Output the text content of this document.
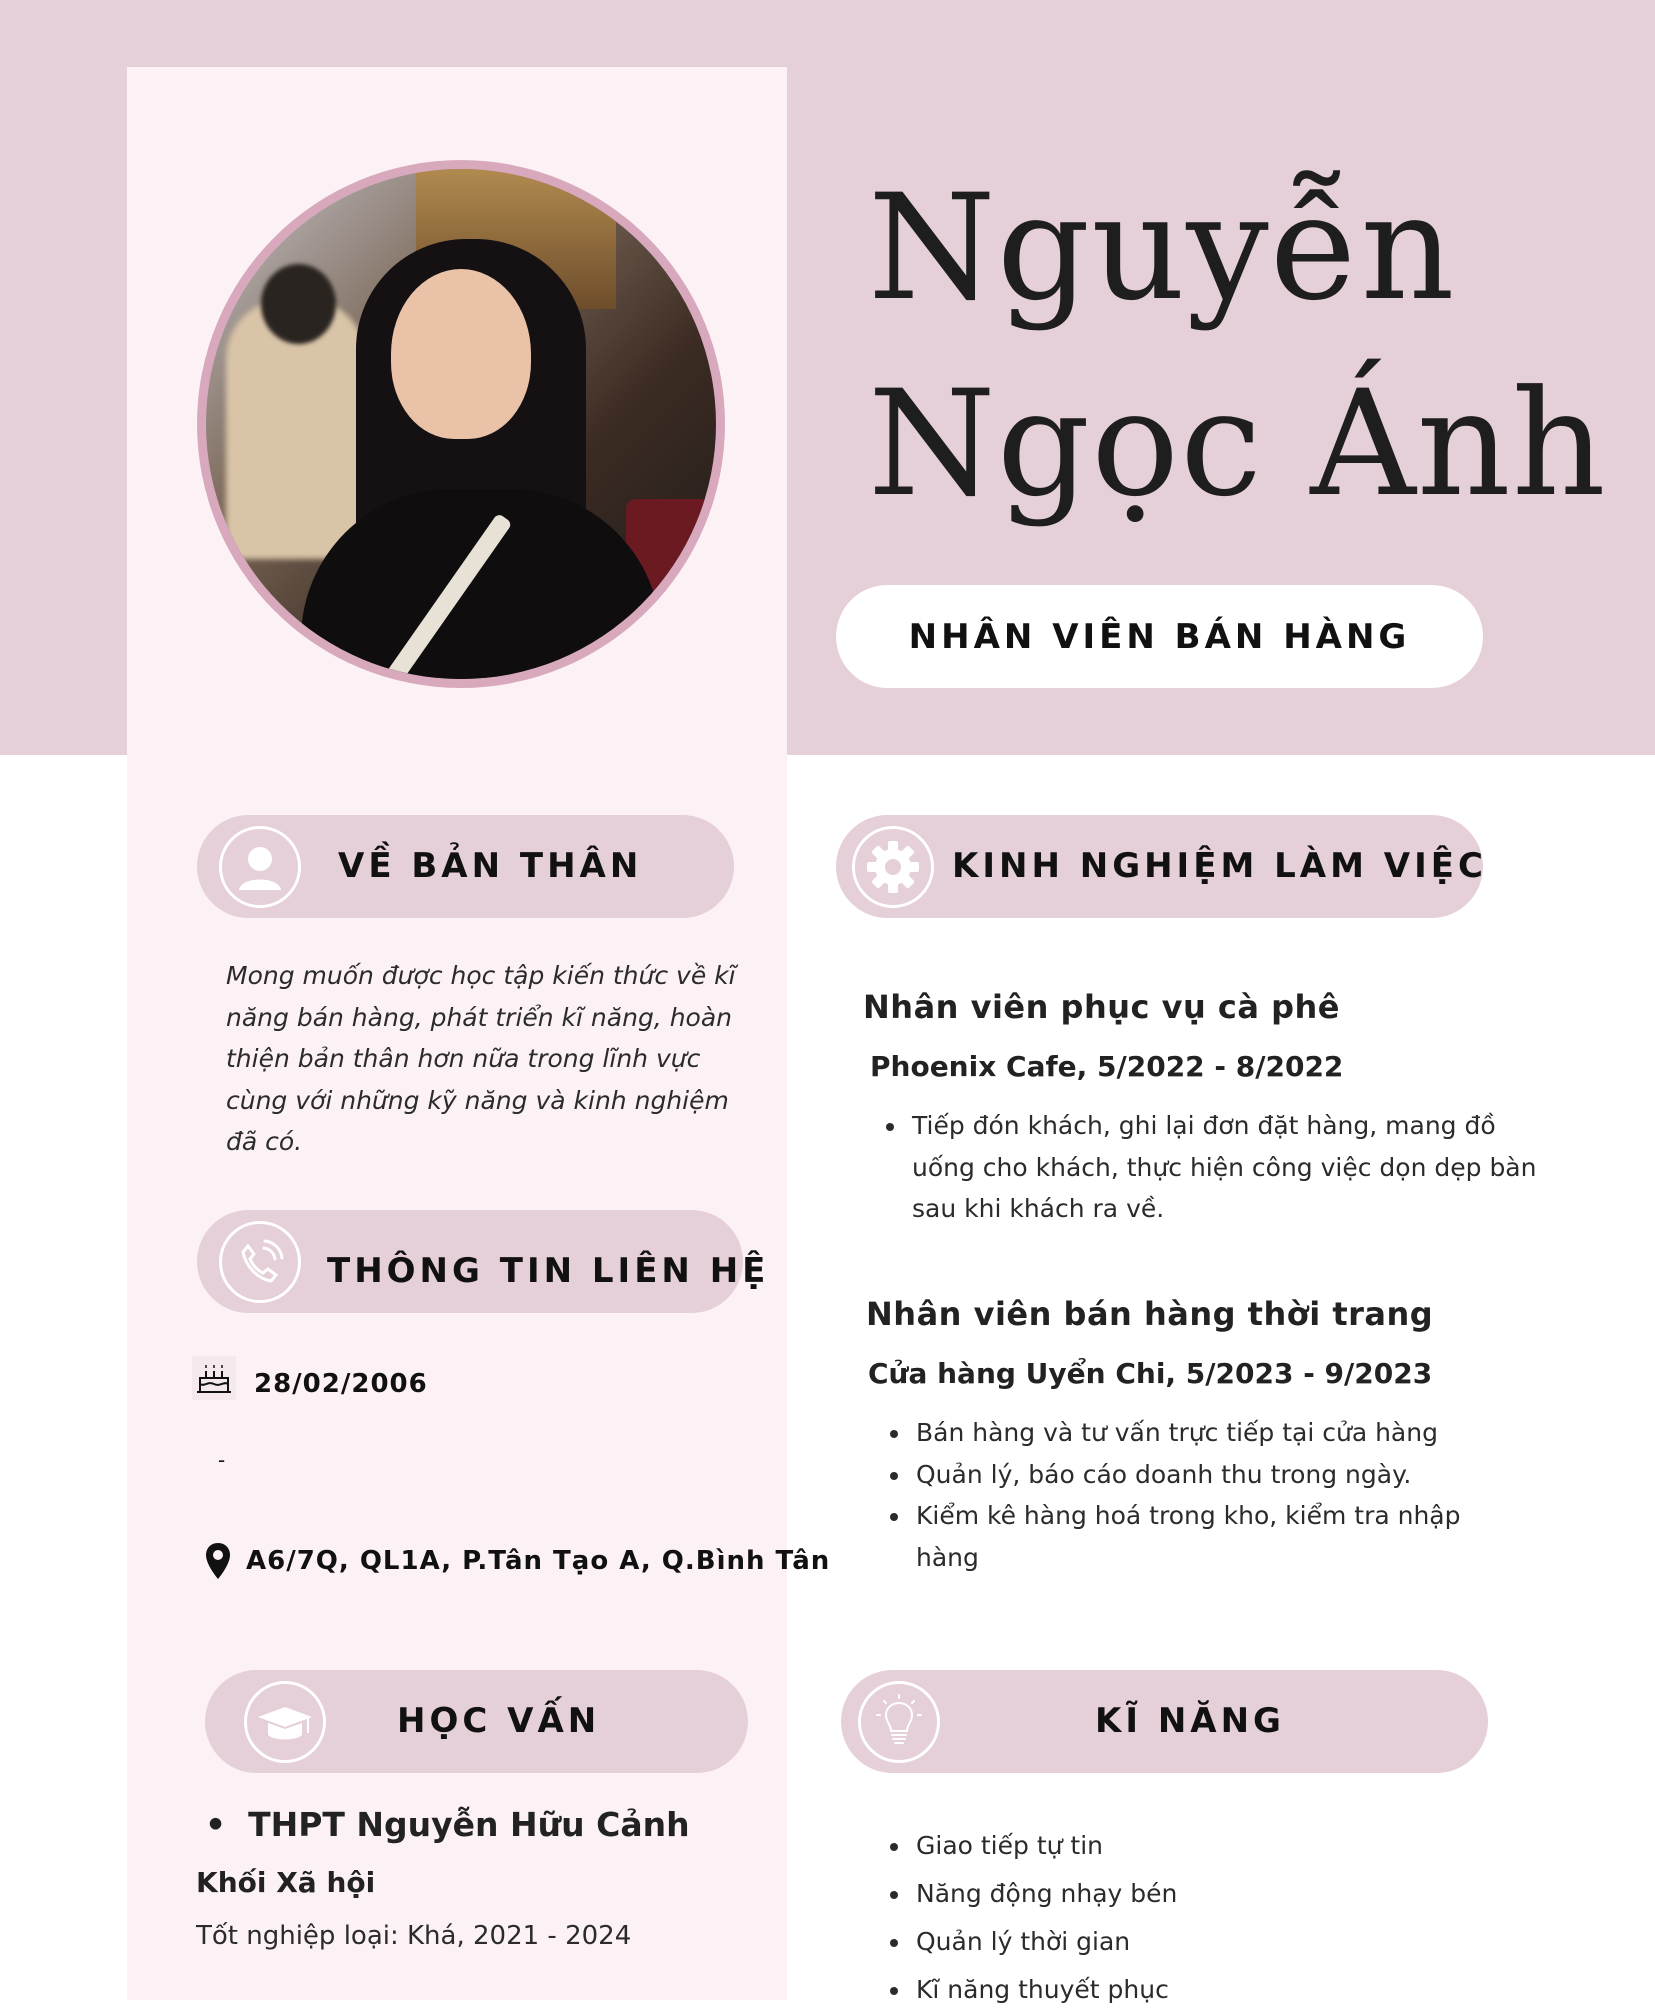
Nguyễn
Ngọc Ánh
NHÂN VIÊN BÁN HÀNG
VỀ BẢN THÂN
Mong muốn được học tập kiến thức về kĩ năng bán hàng, phát triển kĩ năng, hoàn thiện bản thân hơn nữa trong lĩnh vực cùng với những kỹ năng và kinh nghiệm đã có.
THÔNG TIN LIÊN HỆ
28/02/2006
-
A6/7Q, QL1A, P.Tân Tạo A, Q.Bình Tân
HỌC VẤN
• THPT Nguyễn Hữu Cảnh
Khối Xã hội
Tốt nghiệp loại: Khá, 2021 - 2024
KINH NGHIỆM LÀM VIỆC
Nhân viên phục vụ cà phê
Phoenix Cafe, 5/2022 - 8/2022
• Tiếp đón khách, ghi lại đơn đặt hàng, mang đồ uống cho khách, thực hiện công việc dọn dẹp bàn sau khi khách ra về.
Nhân viên bán hàng thời trang
Cửa hàng Uyển Chi, 5/2023 - 9/2023
• Bán hàng và tư vấn trực tiếp tại cửa hàng
• Quản lý, báo cáo doanh thu trong ngày.
• Kiểm kê hàng hoá trong kho, kiểm tra nhập hàng
KĨ NĂNG
• Giao tiếp tự tin
• Năng động nhạy bén
• Quản lý thời gian
• Kĩ năng thuyết phục
